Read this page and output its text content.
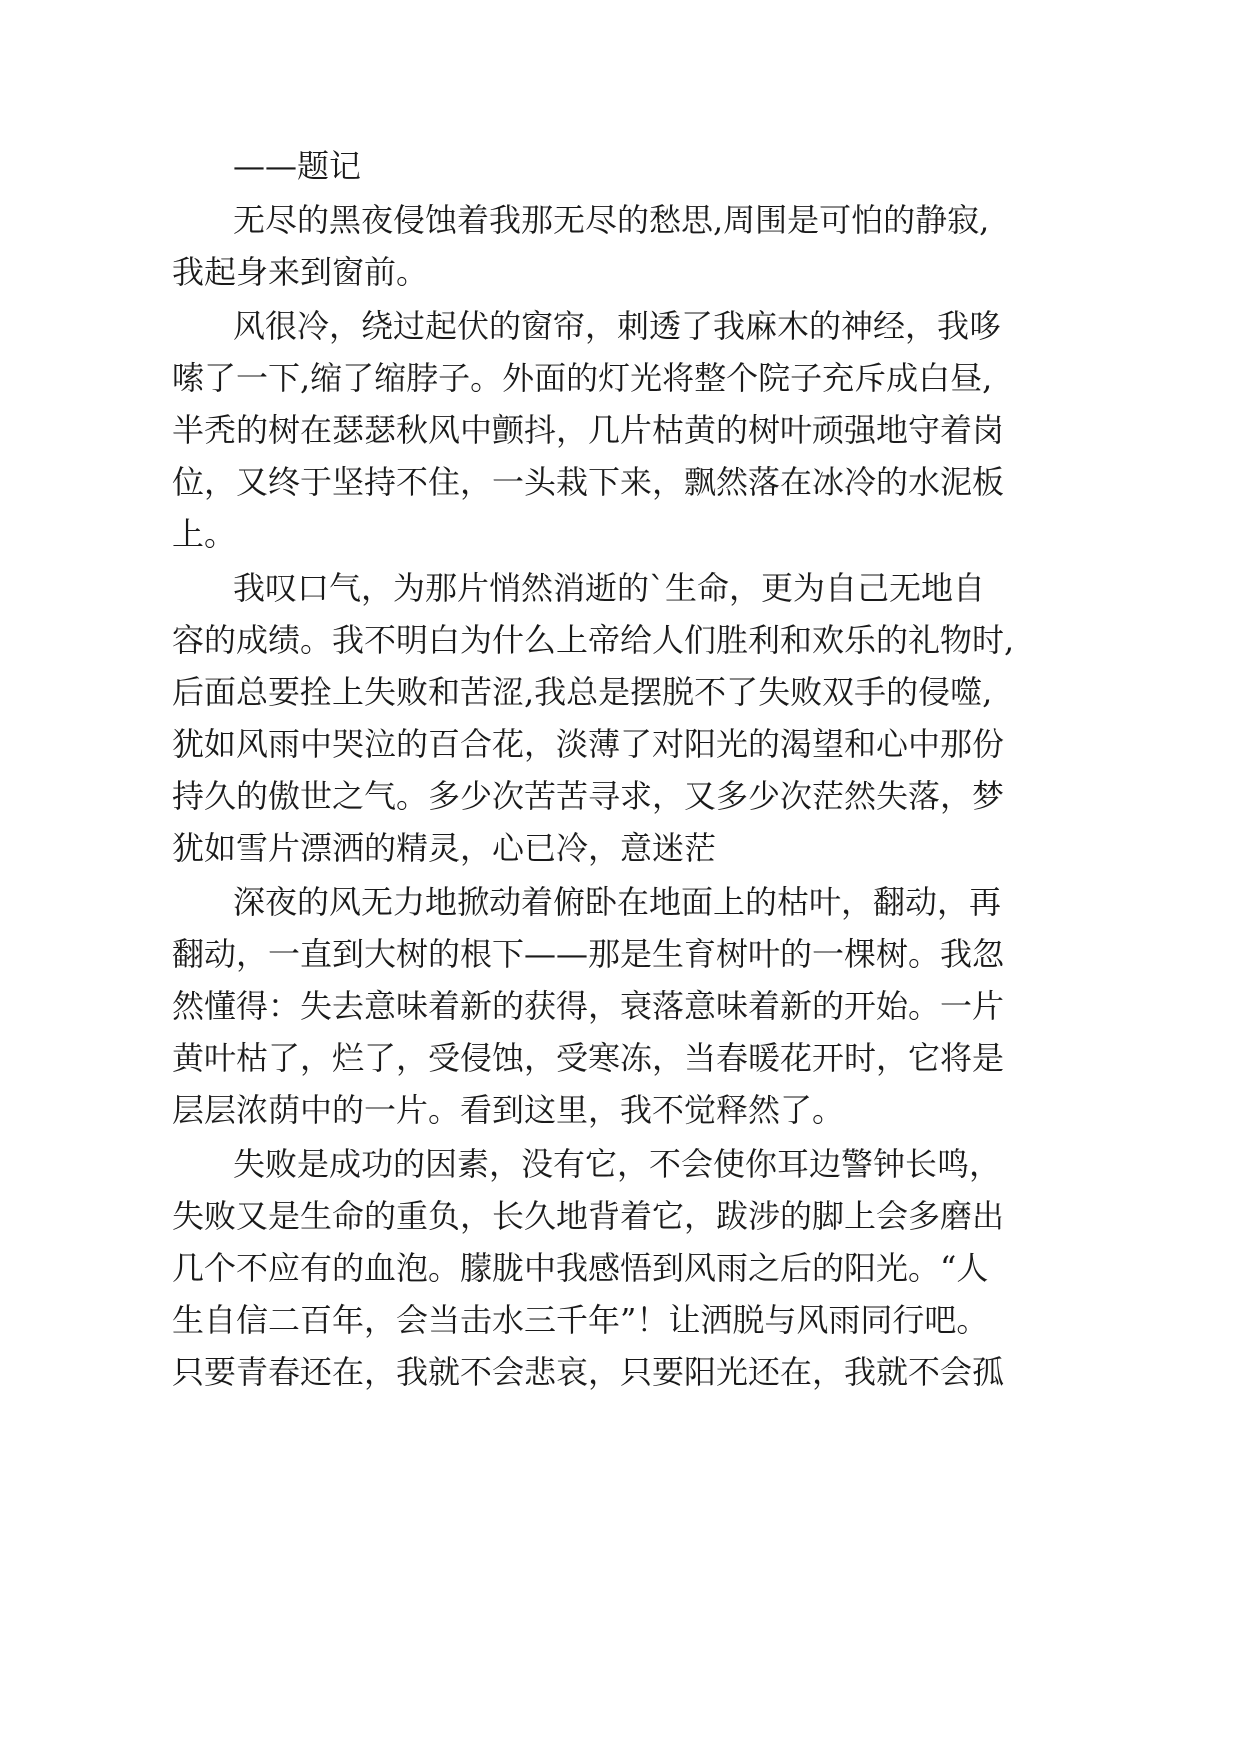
——题记
无尽的黑夜侵蚀着我那无尽的愁思,周围是可怕的静寂,
我起身来到窗前。
风很冷，绕过起伏的窗帘，刺透了我麻木的神经，我哆
嗦了一下,缩了缩脖子。外面的灯光将整个院子充斥成白昼,
半秃的树在瑟瑟秋风中颤抖，几片枯黄的树叶顽强地守着岗
位，又终于坚持不住，一头栽下来，飘然落在冰冷的水泥板
上。
我叹口气，为那片悄然消逝的`生命，更为自己无地自
容的成绩。我不明白为什么上帝给人们胜利和欢乐的礼物时,
后面总要拴上失败和苦涩,我总是摆脱不了失败双手的侵噬,
犹如风雨中哭泣的百合花，淡薄了对阳光的渴望和心中那份
持久的傲世之气。多少次苦苦寻求，又多少次茫然失落，梦
犹如雪片漂洒的精灵，心已冷，意迷茫
深夜的风无力地掀动着俯卧在地面上的枯叶，翻动，再
翻动，一直到大树的根下——那是生育树叶的一棵树。我忽
然懂得：失去意味着新的获得，衰落意味着新的开始。一片
黄叶枯了，烂了，受侵蚀，受寒冻，当春暖花开时，它将是
层层浓荫中的一片。看到这里，我不觉释然了。
失败是成功的因素，没有它，不会使你耳边警钟长鸣，
失败又是生命的重负，长久地背着它，跋涉的脚上会多磨出
几个不应有的血泡。朦胧中我感悟到风雨之后的阳光。“人
生自信二百年，会当击水三千年”！让洒脱与风雨同行吧。
只要青春还在，我就不会悲哀，只要阳光还在，我就不会孤
